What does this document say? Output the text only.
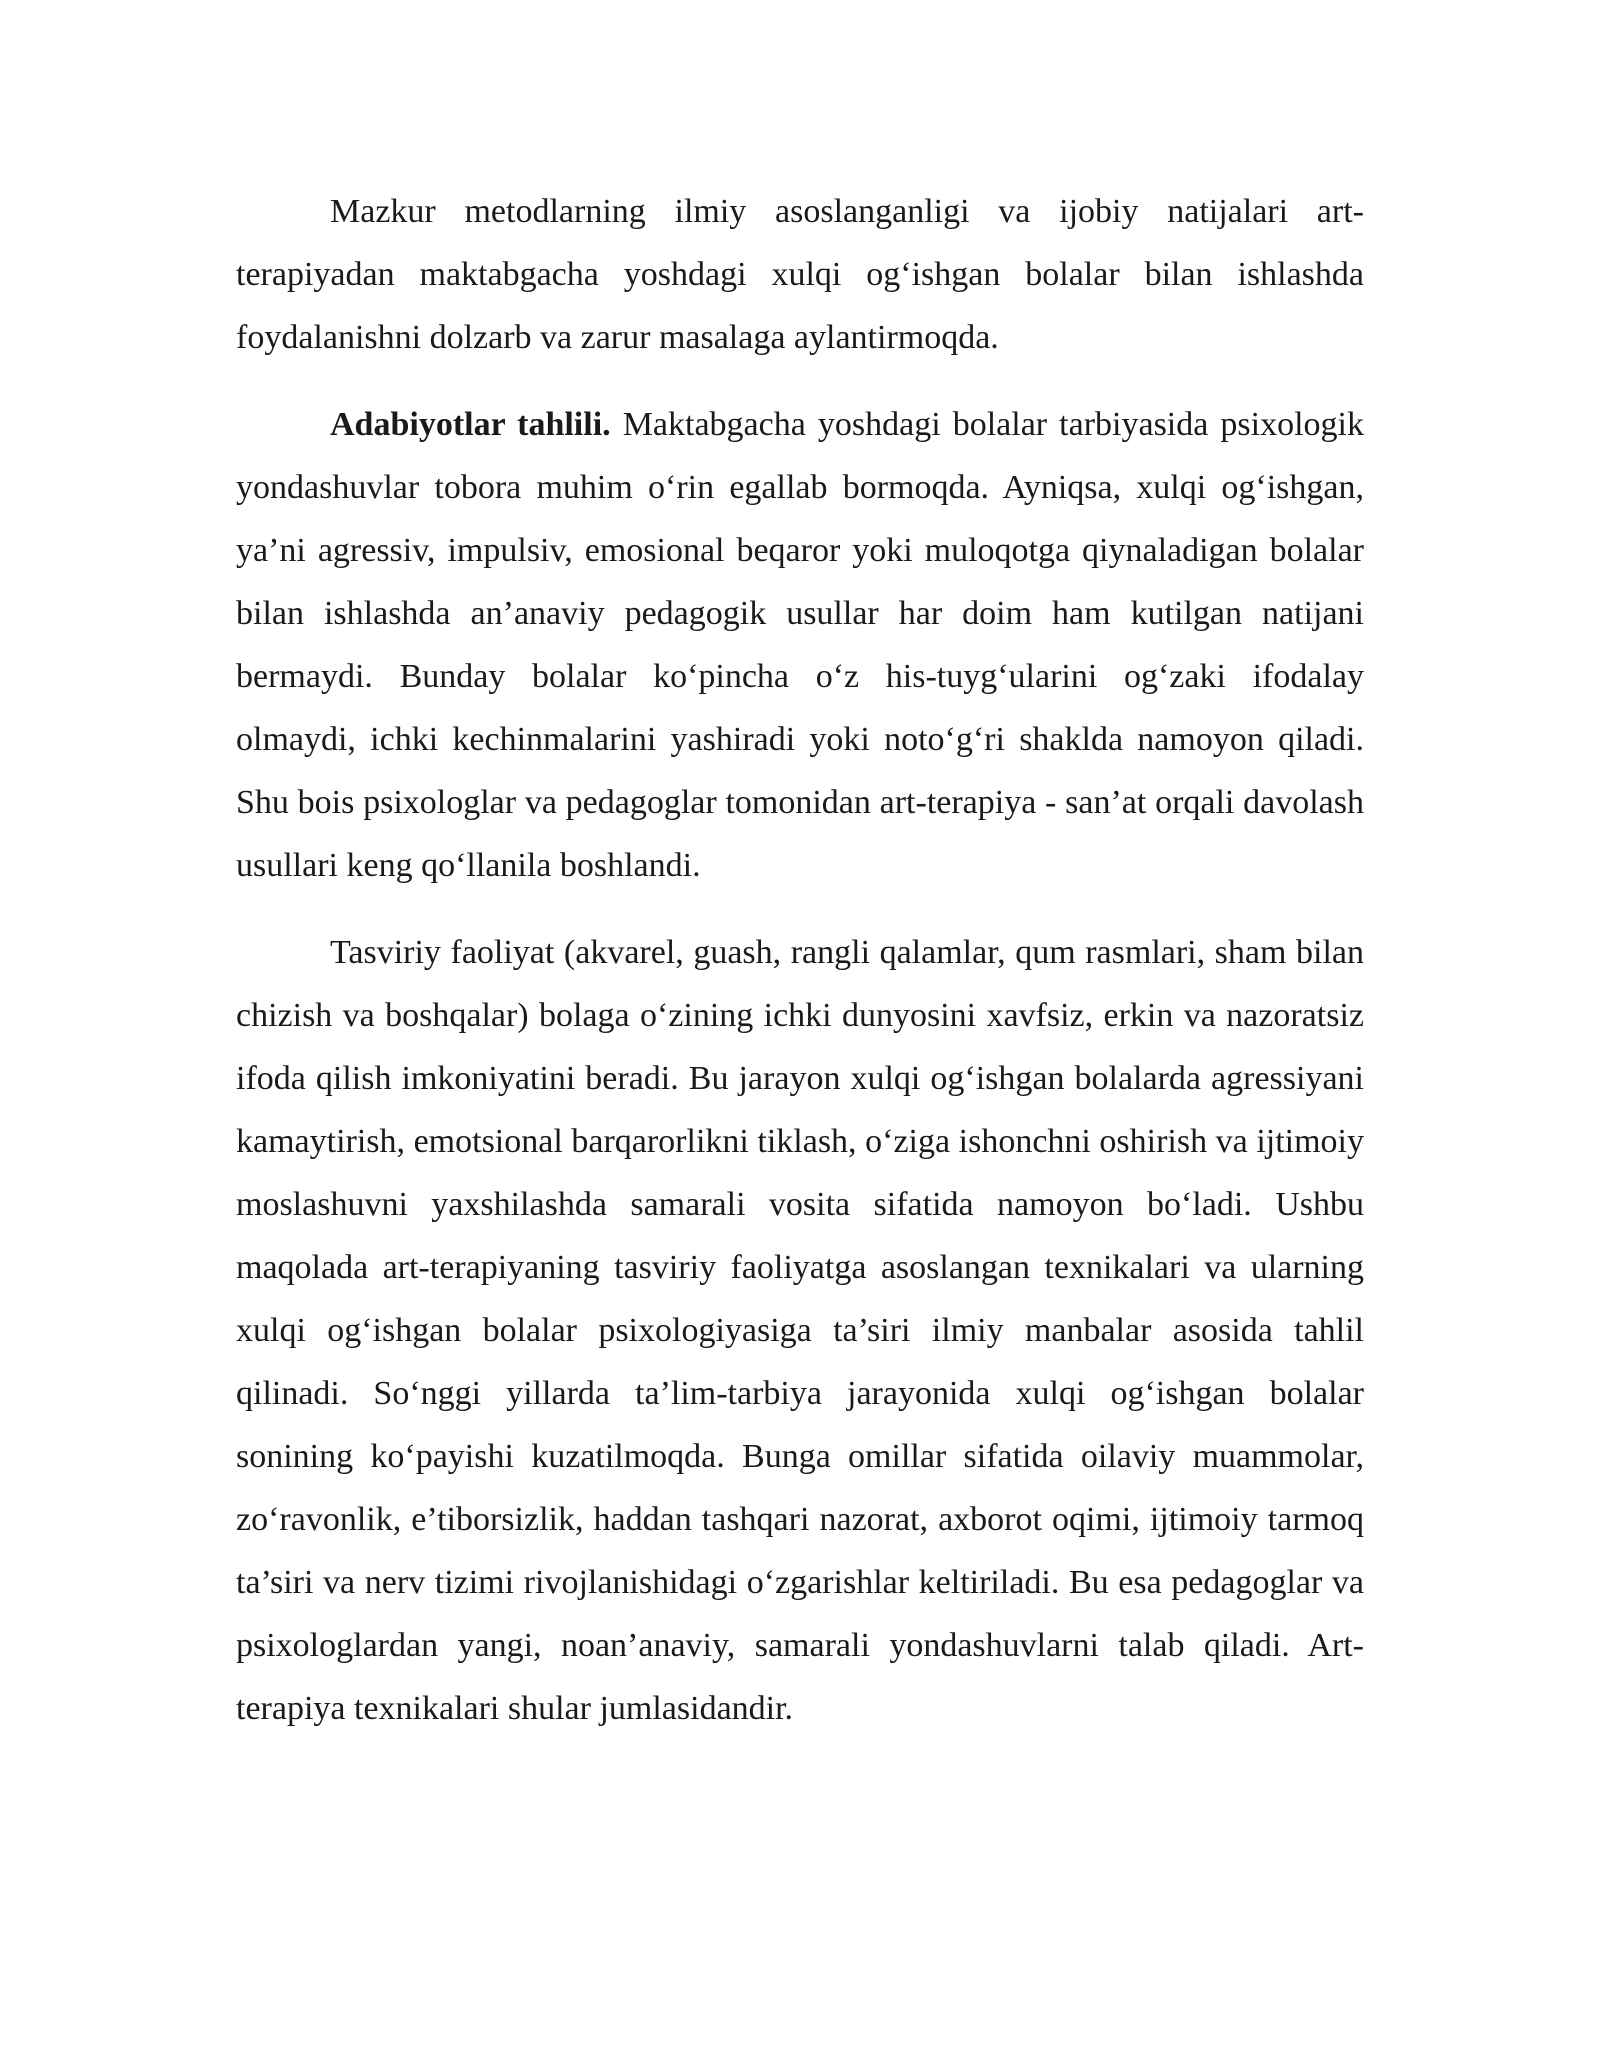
Mazkur metodlarning ilmiy asoslanganligi va ijobiy natijalari art-terapiyadan maktabgacha yoshdagi xulqi og‘ishgan bolalar bilan ishlashda foydalanishni dolzarb va zarur masalaga aylantirmoqda.

Adabiyotlar tahlili. Maktabgacha yoshdagi bolalar tarbiyasida psixologik yondashuvlar tobora muhim o‘rin egallab bormoqda. Ayniqsa, xulqi og‘ishgan, ya’ni agressiv, impulsiv, emosional beqaror yoki muloqotga qiynaladigan bolalar bilan ishlashda an’anaviy pedagogik usullar har doim ham kutilgan natijani bermaydi. Bunday bolalar ko‘pincha o‘z his-tuyg‘ularini og‘zaki ifodalay olmaydi, ichki kechinmalarini yashiradi yoki noto‘g‘ri shaklda namoyon qiladi. Shu bois psixologlar va pedagoglar tomonidan art-terapiya - san’at orqali davolash usullari keng qo‘llanila boshlandi.

Tasviriy faoliyat (akvarel, guash, rangli qalamlar, qum rasmlari, sham bilan chizish va boshqalar) bolaga o‘zining ichki dunyosini xavfsiz, erkin va nazoratsiz ifoda qilish imkoniyatini beradi. Bu jarayon xulqi og‘ishgan bolalarda agressiyani kamaytirish, emotsional barqarorlikni tiklash, o‘ziga ishonchni oshirish va ijtimoiy moslashuvni yaxshilashda samarali vosita sifatida namoyon bo‘ladi. Ushbu maqolada art-terapiyaning tasviriy faoliyatga asoslangan texnikalari va ularning xulqi og‘ishgan bolalar psixologiyasiga ta’siri ilmiy manbalar asosida tahlil qilinadi. So‘nggi yillarda ta’lim-tarbiya jarayonida xulqi og‘ishgan bolalar sonining ko‘payishi kuzatilmoqda. Bunga omillar sifatida oilaviy muammolar, zo‘ravonlik, e’tiborsizlik, haddan tashqari nazorat, axborot oqimi, ijtimoiy tarmoq ta’siri va nerv tizimi rivojlanishidagi o‘zgarishlar keltiriladi. Bu esa pedagoglar va psixologlardan yangi, noan’anaviy, samarali yondashuvlarni talab qiladi. Art-terapiya texnikalari shular jumlasidandir.
